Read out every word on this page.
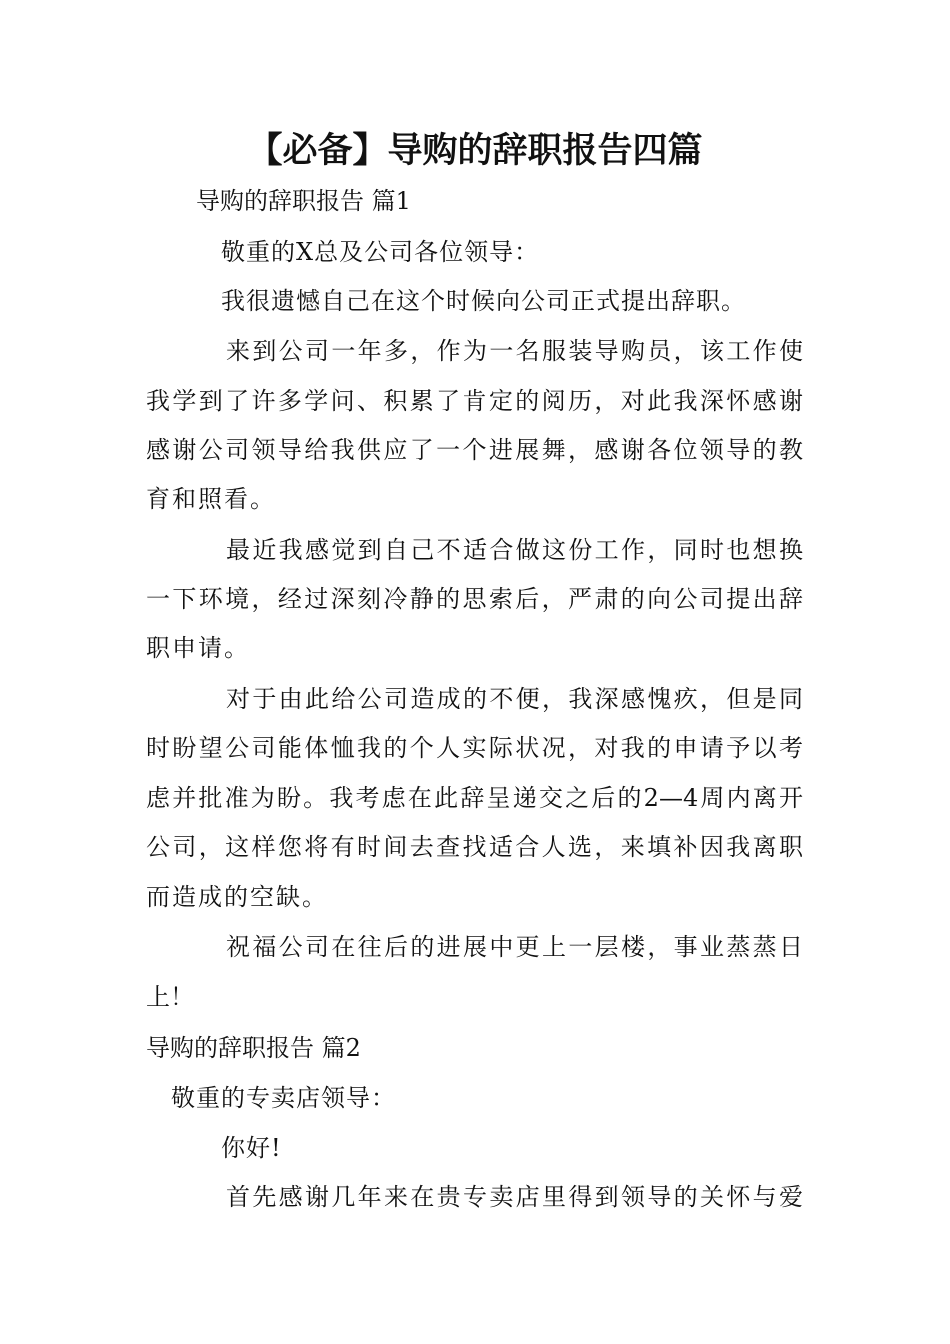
【必备】导购的辞职报告四篇
导购的辞职报告 篇1
敬重的X总及公司各位领导：
我很遗憾自己在这个时候向公司正式提出辞职。
来到公司一年多，作为一名服装导购员，该工作使
我学到了许多学问、积累了肯定的阅历，对此我深怀感谢
感谢公司领导给我供应了一个进展舞，感谢各位领导的教
育和照看。
最近我感觉到自己不适合做这份工作，同时也想换
一下环境，经过深刻冷静的思索后，严肃的向公司提出辞
职申请。
对于由此给公司造成的不便，我深感愧疚，但是同
时盼望公司能体恤我的个人实际状况，对我的申请予以考
虑并批准为盼。我考虑在此辞呈递交之后的2—4周内离开
公司，这样您将有时间去查找适合人选，来填补因我离职
而造成的空缺。
祝福公司在往后的进展中更上一层楼，事业蒸蒸日
上！
导购的辞职报告 篇2
敬重的专卖店领导：
你好!
首先感谢几年来在贵专卖店里得到领导的关怀与爱
